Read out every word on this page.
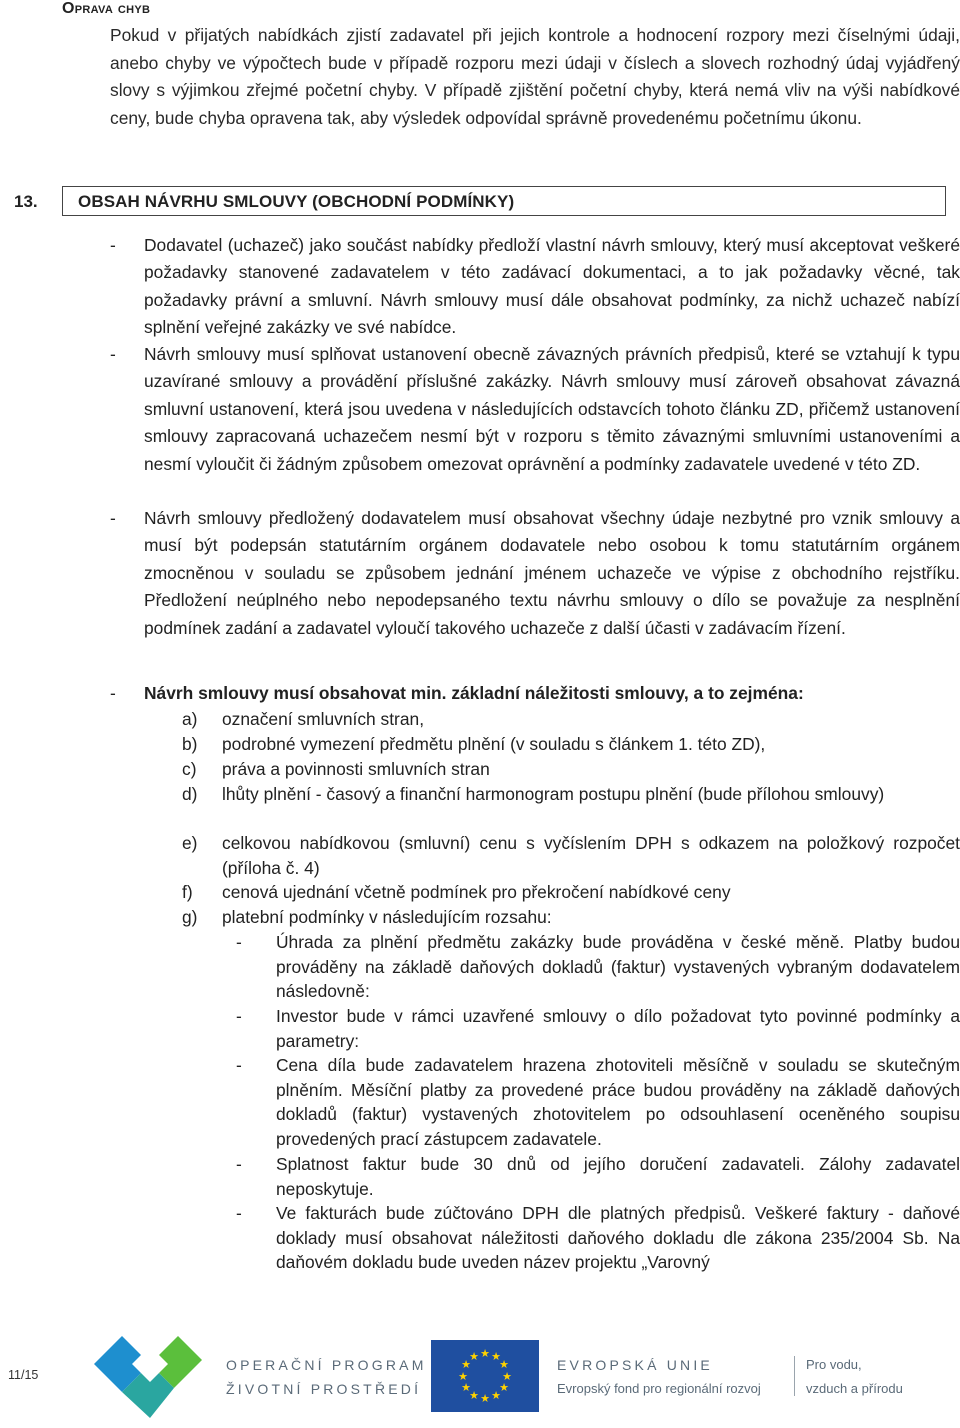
Oprava chyb
Pokud v přijatých nabídkách zjistí zadavatel při jejich kontrole a hodnocení rozpory mezi číselnými údaji, anebo chyby ve výpočtech bude v případě rozporu mezi údaji v číslech a slovech rozhodný údaj vyjádřený slovy s výjimkou zřejmé početní chyby. V případě zjištění početní chyby, která nemá vliv na výši nabídkové ceny, bude chyba opravena tak, aby výsledek odpovídal správně provedenému početnímu úkonu.
13.	OBSAH NÁVRHU SMLOUVY (OBCHODNÍ PODMÍNKY)
- Dodavatel (uchazeč) jako součást nabídky předloží vlastní návrh smlouvy, který musí akceptovat veškeré požadavky stanovené zadavatelem v této zadávací dokumentaci, a to jak požadavky věcné, tak požadavky právní a smluvní. Návrh smlouvy musí dále obsahovat podmínky, za nichž uchazeč nabízí splnění veřejné zakázky ve své nabídce.
- Návrh smlouvy musí splňovat ustanovení obecně závazných právních předpisů, které se vztahují k typu uzavírané smlouvy a provádění příslušné zakázky. Návrh smlouvy musí zároveň obsahovat závazná smluvní ustanovení, která jsou uvedena v následujících odstavcích tohoto článku ZD, přičemž ustanovení smlouvy zapracovaná uchazečem nesmí být v rozporu s těmito závaznými smluvními ustanoveními a nesmí vyloučit či žádným způsobem omezovat oprávnění a podmínky zadavatele uvedené v této ZD.
- Návrh smlouvy předložený dodavatelem musí obsahovat všechny údaje nezbytné pro vznik smlouvy a musí být podepsán statutárním orgánem dodavatele nebo osobou k tomu statutárním orgánem zmocněnou v souladu se způsobem jednání jménem uchazeče ve výpise z obchodního rejstříku. Předložení neúplného nebo nepodepsaného textu návrhu smlouvy o dílo se považuje za nesplnění podmínek zadání a zadavatel vyloučí takového uchazeče z další účasti v zadávacím řízení.
- Návrh smlouvy musí obsahovat min. základní náležitosti smlouvy, a to zejména:
a)	označení smluvních stran,
b)	podrobné vymezení předmětu plnění (v souladu s článkem 1. této ZD),
c)	práva a povinnosti smluvních stran
d)	lhůty plnění - časový a finanční harmonogram postupu plnění (bude přílohou smlouvy)
e)	celkovou nabídkovou (smluvní) cenu s vyčíslením DPH s odkazem na položkový rozpočet (příloha č. 4)
f)	cenová ujednání včetně podmínek pro překročení nabídkové ceny
g)	platební podmínky v následujícím rozsahu:
- Úhrada za plnění předmětu zakázky bude prováděna v české měně. Platby budou prováděny na základě daňových dokladů (faktur) vystavených vybraným dodavatelem následovně:
- Investor bude v rámci uzavřené smlouvy o dílo požadovat tyto povinné podmínky a parametry:
- Cena díla bude zadavatelem hrazena zhotoviteli měsíčně v souladu se skutečným plněním. Měsíční platby za provedené práce budou prováděny na základě daňových dokladů (faktur) vystavených zhotovitelem po odsouhlasení oceněného soupisu provedených prací zástupcem zadavatele.
- Splatnost faktur bude 30 dnů od jejího doručení zadavateli. Zálohy zadavatel neposkytuje.
- Ve fakturách bude zúčtováno DPH dle platných předpisů. Veškeré faktury - daňové doklady musí obsahovat náležitosti daňového dokladu dle zákona 235/2004 Sb. Na daňovém dokladu bude uveden název projektu „Varovný
11/15
OPERAČNÍ PROGRAM
ŽIVOTNÍ PROSTŘEDÍ
★ ★
★
★
★
★
★
★
★
★
★
★
EVROPSKÁ UNIE
Evropský fond pro regionální rozvoj
Pro vodu,
vzduch a přírodu
